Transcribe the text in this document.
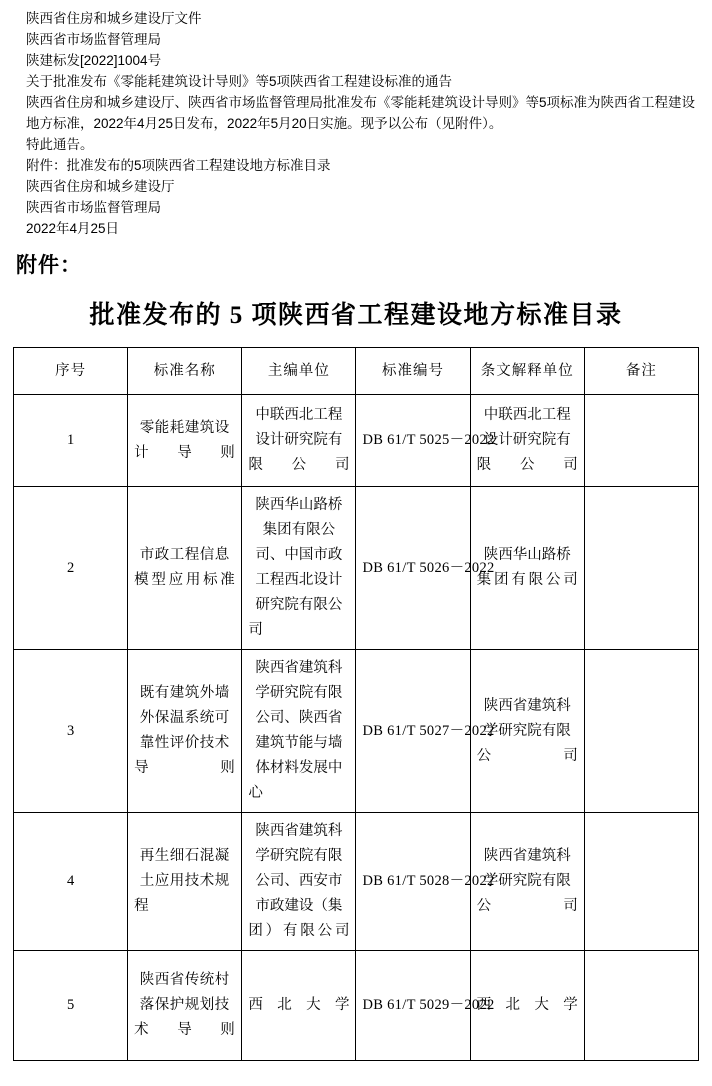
陕西省住房和城乡建设厅文件
陕西省市场监督管理局
陕建标发[2022]1004号
关于批准发布《零能耗建筑设计导则》等5项陕西省工程建设标准的通告
陕西省住房和城乡建设厅、陕西省市场监督管理局批准发布《零能耗建筑设计导则》等5项标准为陕西省工程建设地方标准，2022年4月25日发布，2022年5月20日实施。现予以公布（见附件）。
特此通告。
附件：批准发布的5项陕西省工程建设地方标准目录
陕西省住房和城乡建设厅
陕西省市场监督管理局
2022年4月25日
附件：
批准发布的 5 项陕西省工程建设地方标准目录
序号	标准名称	主编单位	标准编号	条文解释单位	备注
1	零能耗建筑设计导则	中联西北工程设计研究院有限公司	DB 61/T 5025－2022	中联西北工程设计研究院有限公司	
2	市政工程信息模型应用标准	陕西华山路桥集团有限公司、中国市政工程西北设计研究院有限公司	DB 61/T 5026－2022	陕西华山路桥集团有限公司	
3	既有建筑外墙外保温系统可靠性评价技术导则	陕西省建筑科学研究院有限公司、陕西省建筑节能与墙体材料发展中心	DB 61/T 5027－2022	陕西省建筑科学研究院有限公司	
4	再生细石混凝土应用技术规程	陕西省建筑科学研究院有限公司、西安市市政建设（集团）有限公司	DB 61/T 5028－2022	陕西省建筑科学研究院有限公司	
5	陕西省传统村落保护规划技术导则	西北大学	DB 61/T 5029－2022	西北大学	
